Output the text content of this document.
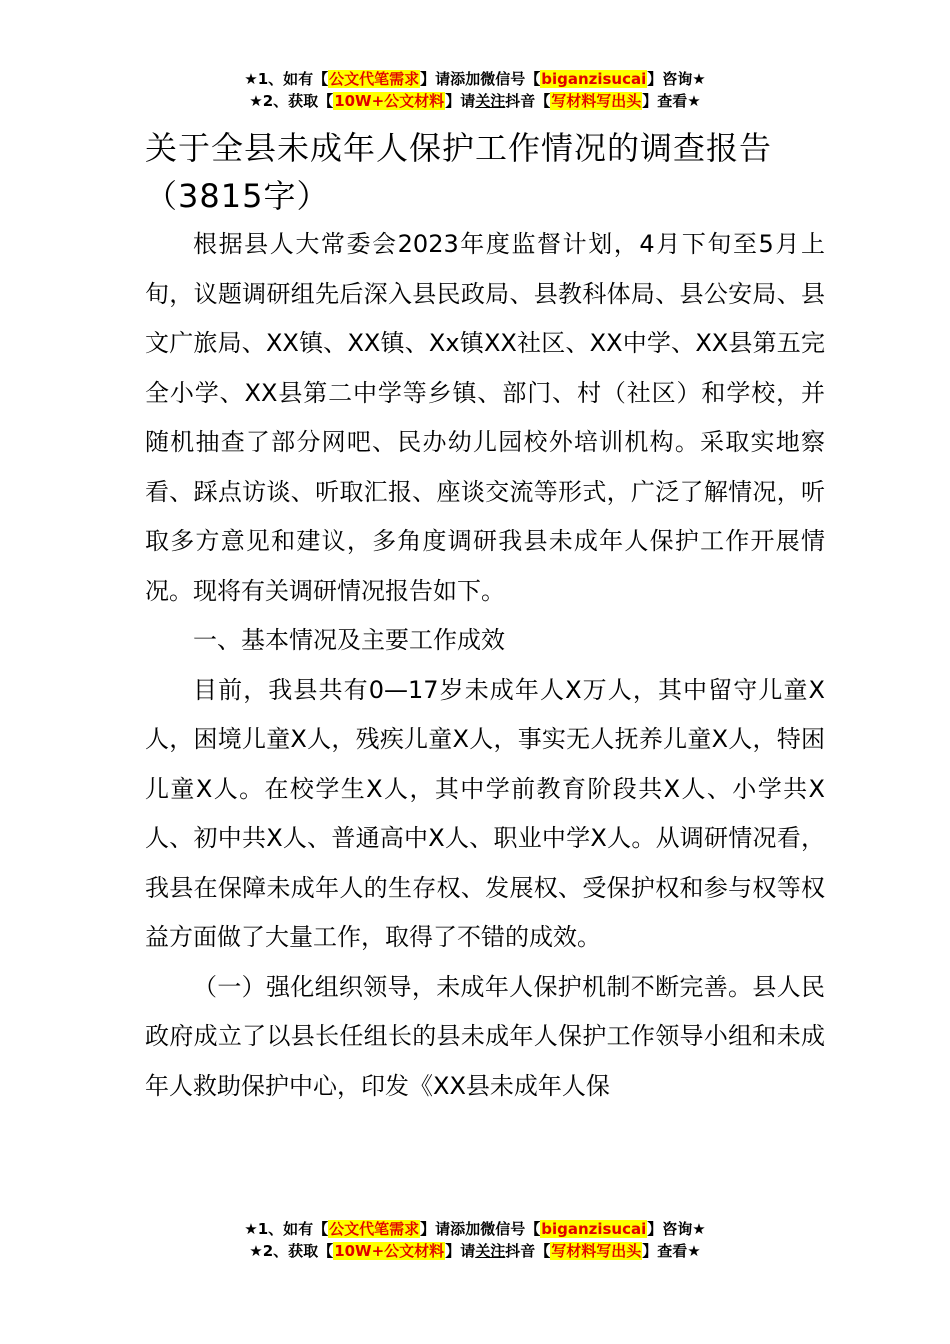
★1、如有【公文代笔需求】请添加微信号【biganzisucai】咨询★
★2、获取【10W+公文材料】请关注抖音【写材料写出头】查看★
关于全县未成年人保护工作情况的调查报告（3815字）

根据县人大常委会2023年度监督计划，4月下旬至5月上旬，议题调研组先后深入县民政局、县教科体局、县公安局、县文广旅局、XX镇、XX镇、Xx镇XX社区、XX中学、XX县第五完全小学、XX县第二中学等乡镇、部门、村（社区）和学校，并随机抽查了部分网吧、民办幼儿园校外培训机构。采取实地察看、踩点访谈、听取汇报、座谈交流等形式，广泛了解情况，听取多方意见和建议，多角度调研我县未成年人保护工作开展情况。现将有关调研情况报告如下。

一、基本情况及主要工作成效

目前，我县共有0—17岁未成年人X万人，其中留守儿童X人，困境儿童X人，残疾儿童X人，事实无人抚养儿童X人，特困儿童X人。在校学生X人，其中学前教育阶段共X人、小学共X人、初中共X人、普通高中X人、职业中学X人。从调研情况看，我县在保障未成年人的生存权、发展权、受保护权和参与权等权益方面做了大量工作，取得了不错的成效。

（一）强化组织领导，未成年人保护机制不断完善。县人民政府成立了以县长任组长的县未成年人保护工作领导小组和未成年人救助保护中心，印发《XX县未成年人保

★1、如有【公文代笔需求】请添加微信号【biganzisucai】咨询★
★2、获取【10W+公文材料】请关注抖音【写材料写出头】查看★
